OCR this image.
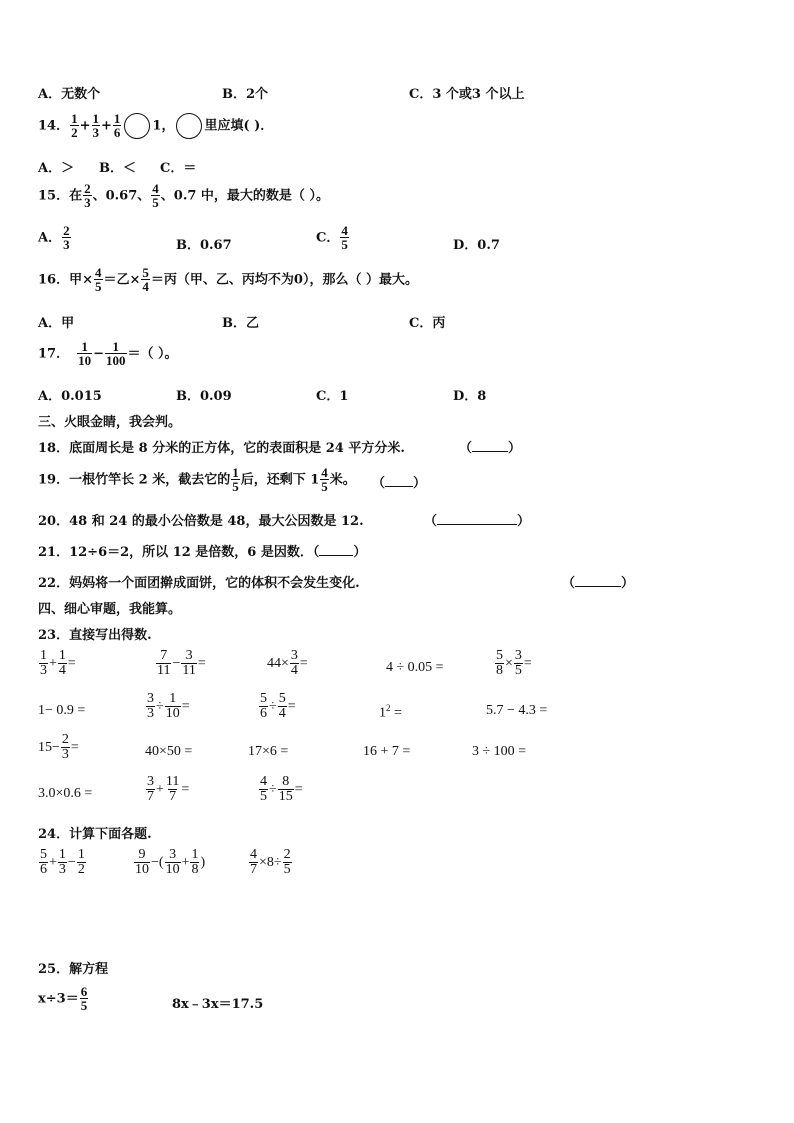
A．无数个	B．2个	C．3 个或3 个以上
14． $\frac{1}{2} + \frac{1}{3} + \frac{1}{6} 1$， 里应填( )．
A．＞ B．＜ C．＝
15．在 $\frac{2}{3}$ 、0.67、 $\frac{4}{5}$ 、0.7 中，最大的数是（ ）。
A． $\frac{2}{3}$	B．0.67
C． $\frac{4}{5}$	D．0.7
16．甲× $\frac{4}{5}$ ＝乙× $\frac{5}{4}$ ＝丙（甲、乙、丙均不为0），那么（ ）最大。
A．甲	B．乙	C．丙
17． $\frac{1}{10} - \frac{1}{100}$ ＝（ ）。
A．0.015	B．0.09	C．1	D．8
三、火眼金睛，我会判。
18．底面周长是 8 分米的正方体，它的表面积是 24 平方分米.	（	）
19．一根竹竿长 2 米，截去它的 $\frac{1}{5}$ 后，还剩下 $1 \frac{4}{5}$ 米。 （ ）
20．48 和 24 的最小公倍数是 48，最大公因数是 12.	（	）
21．12÷6＝2，所以 12 是倍数，6 是因数．（	）
22．妈妈将一个面团擀成面饼，它的体积不会发生变化.	（	）
四、细心审题，我能算。
23．直接写出得数.
$\frac{1}{3} + \frac{1}{4}$ =	$\frac{7}{11} - \frac{3}{11}$ =	$44\times \frac{3}{4}$ =	4 ÷ 0.05 =	$\frac{5}{8} \times \frac{3}{5}$ =
1− 0.9 =	$\frac{3}{3} \div \frac{1}{10}$ =	$\frac{5}{6} \div \frac{5}{4}$ =	$1^2$ =	5.7 − 4.3 =
$15- \frac{2}{3}$ =	40×50 =	17×6 =	16 + 7 =	3 ÷ 100 =
3.0×0.6 =	$\frac{3}{7} + \frac{11}{7}$ =	$\frac{4}{5} \div \frac{8}{15}$ =
24．计算下面各题.
$\frac{5}{6} + \frac{1}{3} - \frac{1}{2}$	$\frac{9}{10}$ −( $\frac{3}{10} + \frac{1}{8}$ )	$\frac{4}{7} \times 8\div \frac{2}{5}$
25．解方程
$x\div 3= \frac{6}{5}$	8x﹣3x＝17.5
